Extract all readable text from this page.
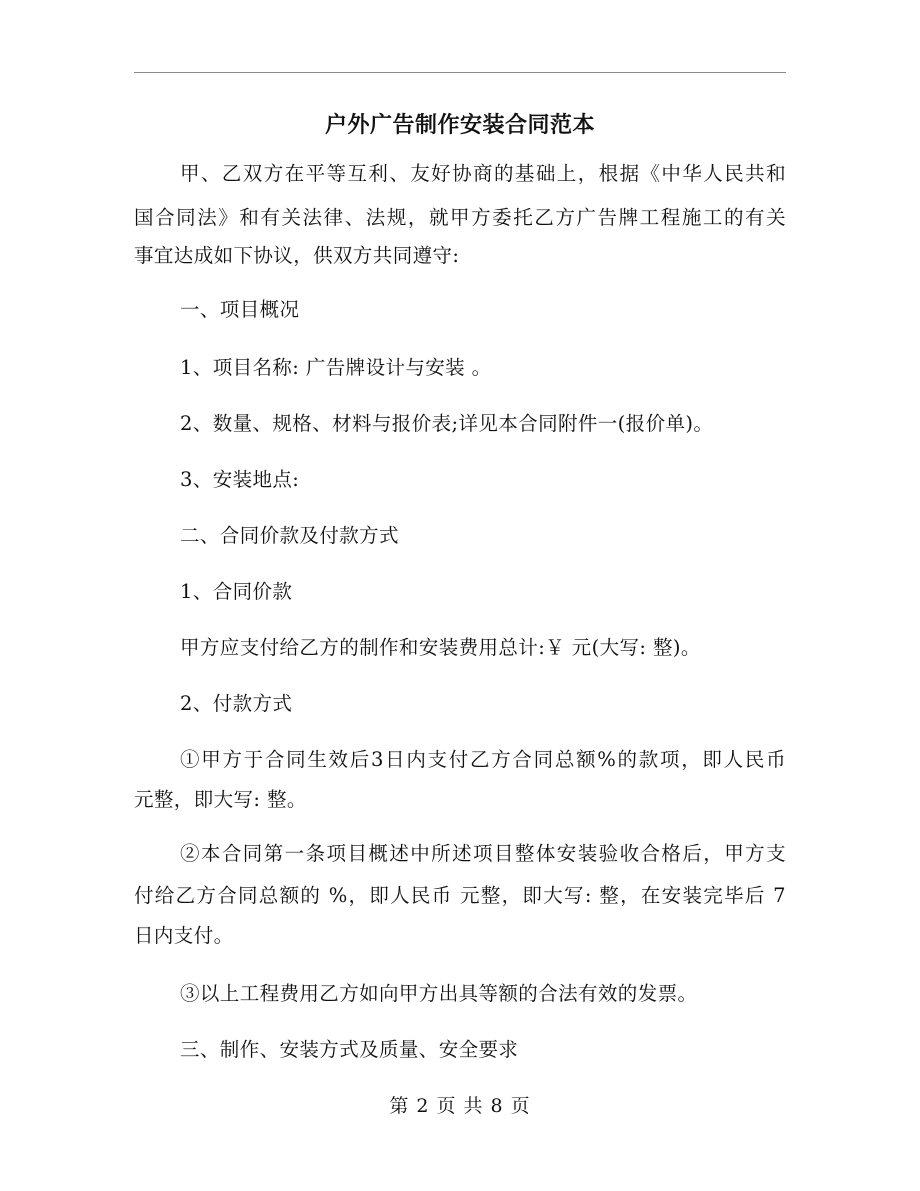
户外广告制作安装合同范本
甲、乙双方在平等互利、友好协商的基础上，根据《中华人民共和
国合同法》和有关法律、法规，就甲方委托乙方广告牌工程施工的有关
事宜达成如下协议，供双方共同遵守:
一、项目概况
1、项目名称: 广告牌设计与安装 。
2、数量、规格、材料与报价表;详见本合同附件一(报价单)。
3、安装地点:
二、合同价款及付款方式
1、合同价款
甲方应支付给乙方的制作和安装费用总计:￥ 元(大写: 整)。
2、付款方式
①甲方于合同生效后3日内支付乙方合同总额%的款项，即人民币
元整，即大写: 整。
②本合同第一条项目概述中所述项目整体安装验收合格后，甲方支
付给乙方合同总额的 %，即人民币 元整，即大写: 整，在安装完毕后 7
日内支付。
③以上工程费用乙方如向甲方出具等额的合法有效的发票。
三、制作、安装方式及质量、安全要求
第 2 页 共 8 页
